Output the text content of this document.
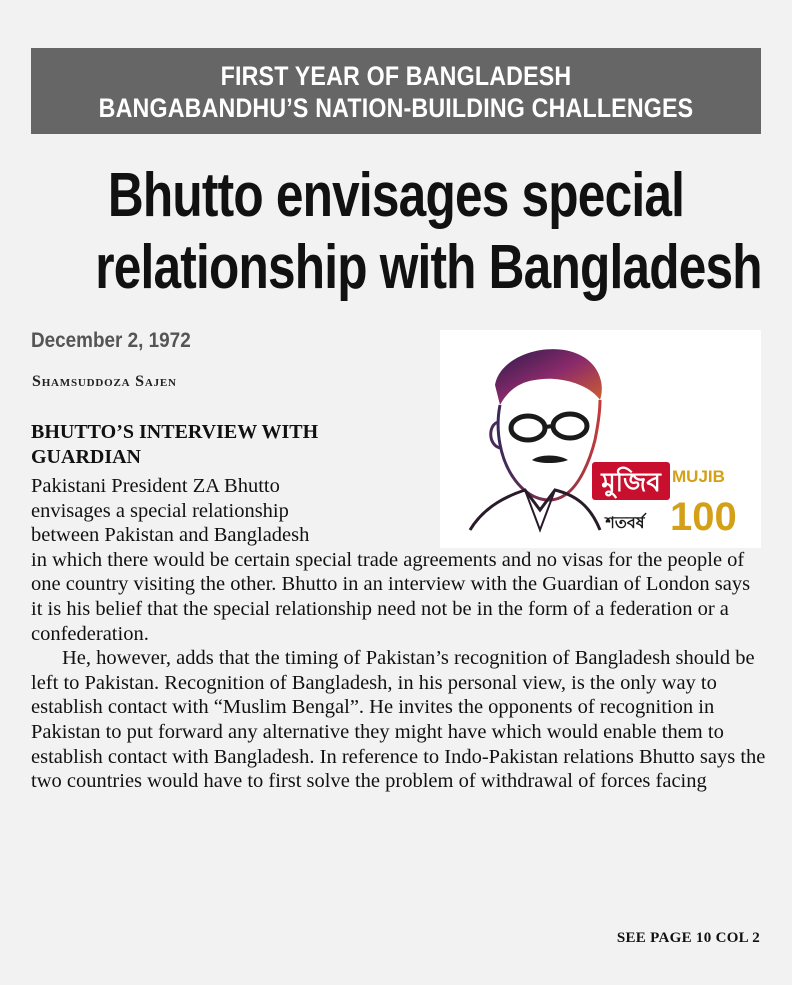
FIRST YEAR OF BANGLADESH
BANGABANDHU’S NATION-BUILDING CHALLENGES
Bhutto envisages special
relationship with Bangladesh
December 2, 1972
Shamsuddoza Sajen
মুজিব
শতবর্ষ
MUJIB
100
BHUTTO’S INTERVIEW WITH GUARDIAN

Pakistani President ZA Bhutto
envisages a special relationship
between Pakistan and Bangladesh
in which there would be certain special trade agreements and no visas for the people of one country visiting the other. Bhutto in an interview with the Guardian of London says it is his belief that the special relationship need not be in the form of a federation or a confederation.

He, however, adds that the timing of Pakistan’s recognition of Bangladesh should be left to Pakistan. Recognition of Bangladesh, in his personal view, is the only way to establish contact with “Muslim Bengal”. He invites the opponents of recognition in Pakistan to put forward any alternative they might have which would enable them to establish contact with Bangladesh. In reference to Indo-Pakistan relations Bhutto says the two countries would have to first solve the problem of withdrawal of forces facing

SEE PAGE 10 COL 2
